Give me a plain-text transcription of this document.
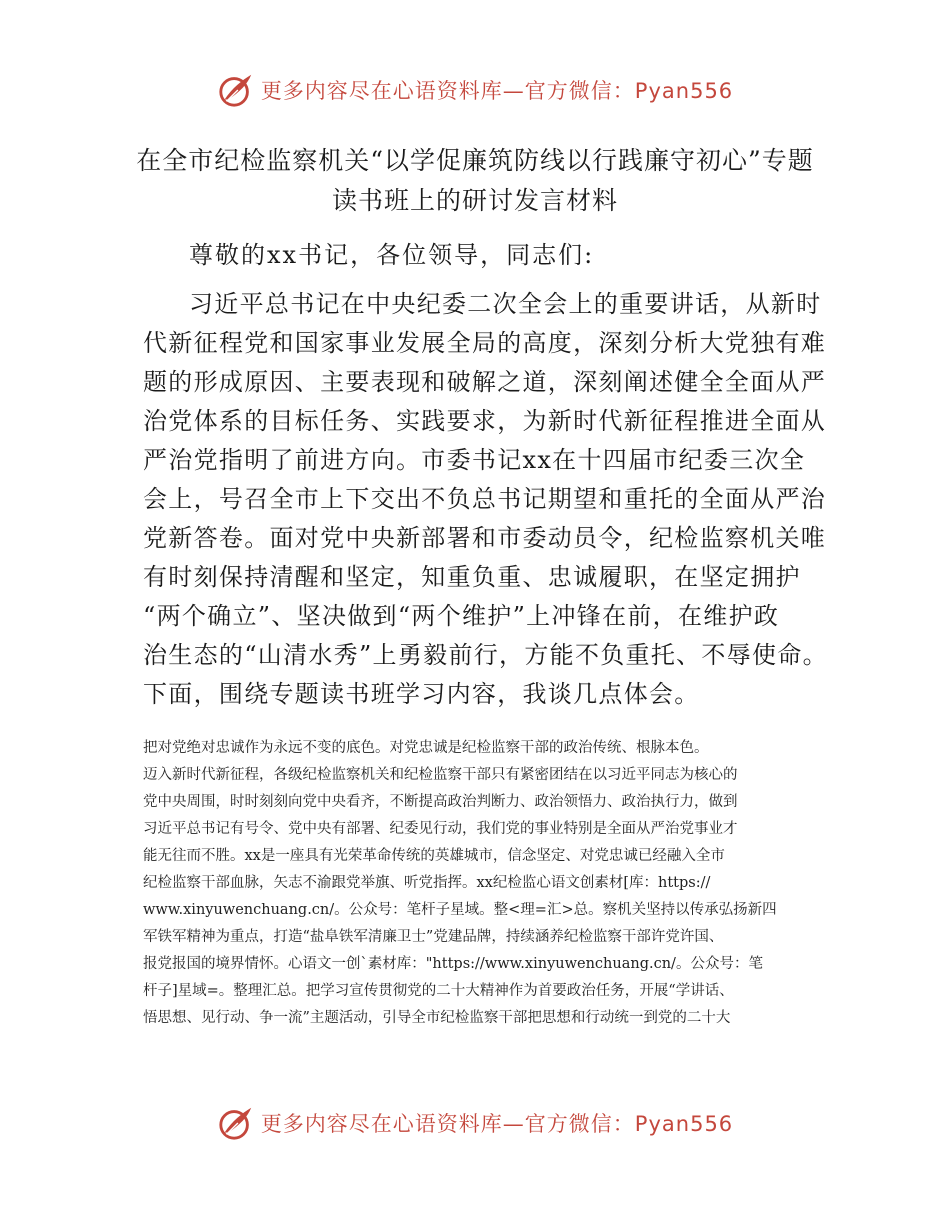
更多内容尽在心语资料库—官方微信：Pyan556
在全市纪检监察机关“以学促廉筑防线以行践廉守初心”专题
读书班上的研讨发言材料
尊敬的xx书记，各位领导，同志们:
习近平总书记在中央纪委二次全会上的重要讲话，从新时
代新征程党和国家事业发展全局的高度，深刻分析大党独有难
题的形成原因、主要表现和破解之道，深刻阐述健全全面从严
治党体系的目标任务、实践要求，为新时代新征程推进全面从
严治党指明了前进方向。市委书记xx在十四届市纪委三次全
会上，号召全市上下交出不负总书记期望和重托的全面从严治
党新答卷。面对党中央新部署和市委动员令，纪检监察机关唯
有时刻保持清醒和坚定，知重负重、忠诚履职，在坚定拥护
“两个确立”、坚决做到“两个维护”上冲锋在前，在维护政
治生态的“山清水秀”上勇毅前行，方能不负重托、不辱使命。
下面，围绕专题读书班学习内容，我谈几点体会。
把对党绝对忠诚作为永远不变的底色。对党忠诚是纪检监察干部的政治传统、根脉本色。
迈入新时代新征程，各级纪检监察机关和纪检监察干部只有紧密团结在以习近平同志为核心的
党中央周围，时时刻刻向党中央看齐，不断提高政治判断力、政治领悟力、政治执行力，做到
习近平总书记有号令、党中央有部署、纪委见行动，我们党的事业特别是全面从严治党事业才
能无往而不胜。xx是一座具有光荣革命传统的英雄城市，信念坚定、对党忠诚已经融入全市
纪检监察干部血脉，矢志不渝跟党举旗、听党指挥。xx纪检监心语文创素材[库：https://
www.xinyuwenchuang.cn/。公众号：笔杆子星域。整<理=汇>总。察机关坚持以传承弘扬新四
军铁军精神为重点，打造“盐阜铁军清廉卫士”党建品牌，持续涵养纪检监察干部许党许国、
报党报国的境界情怀。心语文一创`素材库："https://www.xinyuwenchuang.cn/。公众号：笔
杆子]星域=。整理汇总。把学习宣传贯彻党的二十大精神作为首要政治任务，开展“学讲话、
悟思想、见行动、争一流”主题活动，引导全市纪检监察干部把思想和行动统一到党的二十大
更多内容尽在心语资料库—官方微信：Pyan556
